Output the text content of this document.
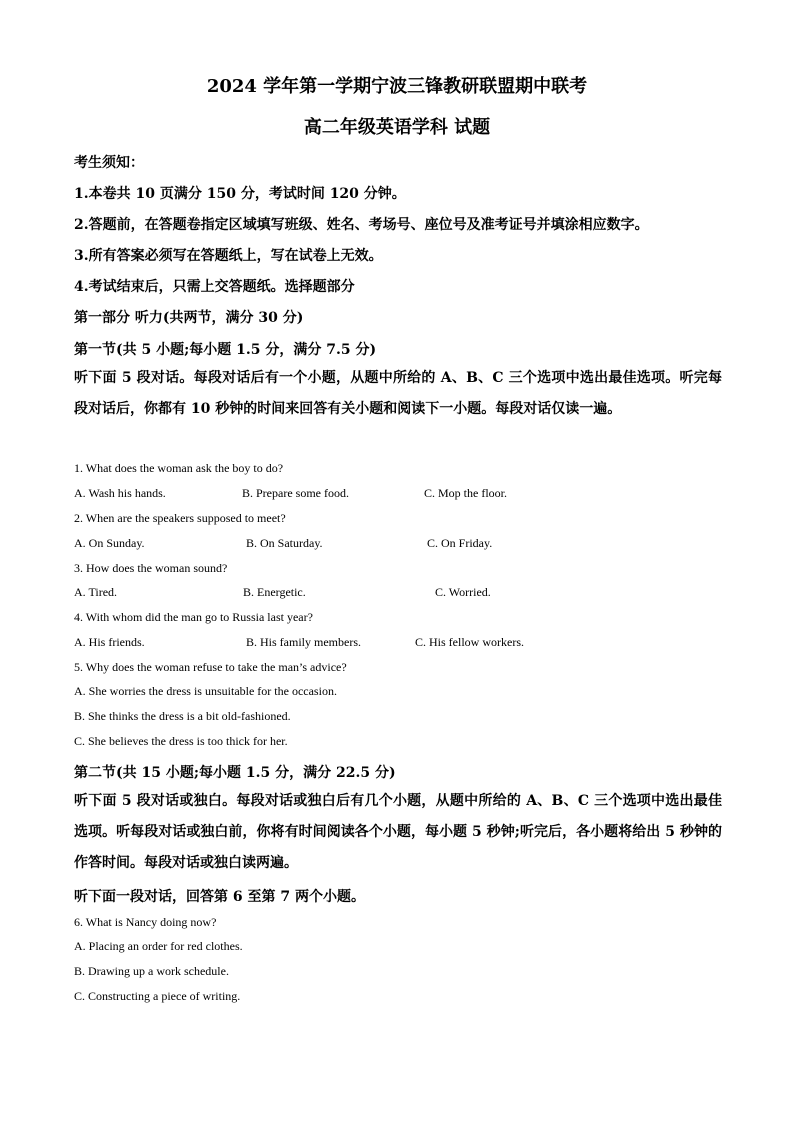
2024 学年第一学期宁波三锋教研联盟期中联考
高二年级英语学科 试题
考生须知：
1.本卷共 10 页满分 150 分，考试时间 120 分钟。
2.答题前，在答题卷指定区域填写班级、姓名、考场号、座位号及准考证号并填涂相应数字。
3.所有答案必须写在答题纸上，写在试卷上无效。
4.考试结束后，只需上交答题纸。选择题部分
第一部分 听力(共两节，满分 30 分)
第一节(共 5 小题;每小题 1.5 分，满分 7.5 分)
听下面 5 段对话。每段对话后有一个小题，从题中所给的 A、B、C 三个选项中选出最佳选项。听完每段对话后，你都有 10 秒钟的时间来回答有关小题和阅读下一小题。每段对话仅读一遍。
1. What does the woman ask the boy to do?
A. Wash his hands.	B. Prepare some food.	C. Mop the floor.
2. When are the speakers supposed to meet?
A. On Sunday.	B. On Saturday.	C. On Friday.
3. How does the woman sound?
A. Tired.	B. Energetic.	C. Worried.
4. With whom did the man go to Russia last year?
A. His friends.	B. His family members.	C. His fellow workers.
5. Why does the woman refuse to take the man’s advice?
A. She worries the dress is unsuitable for the occasion.
B. She thinks the dress is a bit old-fashioned.
C. She believes the dress is too thick for her.
第二节(共 15 小题;每小题 1.5 分，满分 22.5 分)
听下面 5 段对话或独白。每段对话或独白后有几个小题，从题中所给的 A、B、C 三个选项中选出最佳选项。听每段对话或独白前，你将有时间阅读各个小题，每小题 5 秒钟;听完后，各小题将给出 5 秒钟的作答时间。每段对话或独白读两遍。
听下面一段对话，回答第 6 至第 7 两个小题。
6. What is Nancy doing now?
A. Placing an order for red clothes.
B. Drawing up a work schedule.
C. Constructing a piece of writing.
